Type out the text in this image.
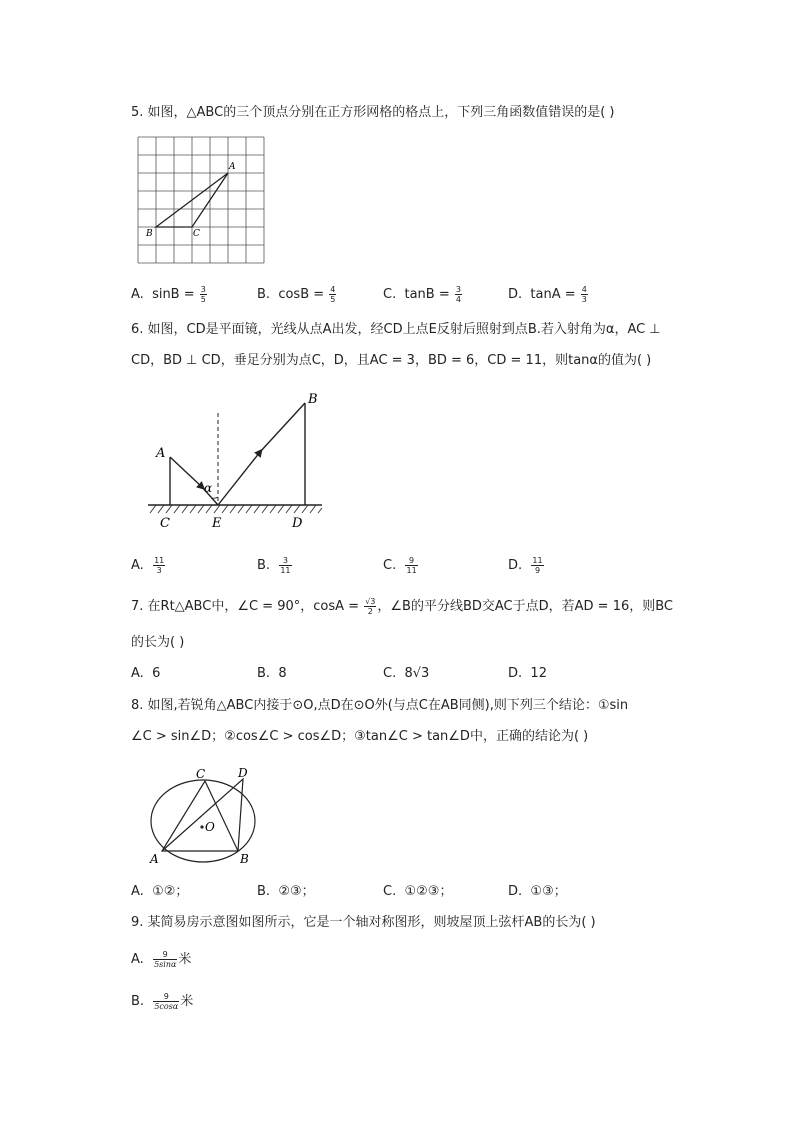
5. 如图，△ABC的三个顶点分别在正方形网格的格点上，下列三角函数值错误的是( )
A
B	C
A. $\sin B = \frac{3}{5}$	B. $\cos B = \frac{4}{5}$	C. $\tan B = \frac{3}{4}$	D. $\tan A = \frac{4}{3}$
6. 如图，CD是平面镜，光线从点A出发，经CD上点E反射后照射到点B.若入射角为α，AC ⊥
CD，BD ⊥ CD，垂足分别为点C，D，且AC = 3，BD = 6，CD = 11，则tanα的值为( )
A
B
C	E	D
α
A. $\frac{11}{3}$	B. $\frac{3}{11}$	C. $\frac{9}{11}$	D. $\frac{11}{9}$
7. 在Rt△ABC中，∠C = 90°，$\cos A = \frac{√3}{2}$ ，∠B的平分线BD交AC于点D，若AD = 16，则BC
的长为( )
A. 6	B. 8	C. 8√3	D. 12
8. 如图,若锐角△ABC内接于⊙O,点D在⊙O外(与点C在AB同侧),则下列三个结论：①sin
∠C > sin∠D；②cos∠C > cos∠D；③tan∠C > tan∠D中，正确的结论为( )
C	D
O
A	B
A. ①②；	B. ②③；	C. ①②③；	D. ①③；
9. 某简易房示意图如图所示，它是一个轴对称图形，则坡屋顶上弦杆AB的长为( )
A. $\frac{9}{5\sin\alpha}$ 米
B. $\frac{9}{5\cos\alpha}$ 米
